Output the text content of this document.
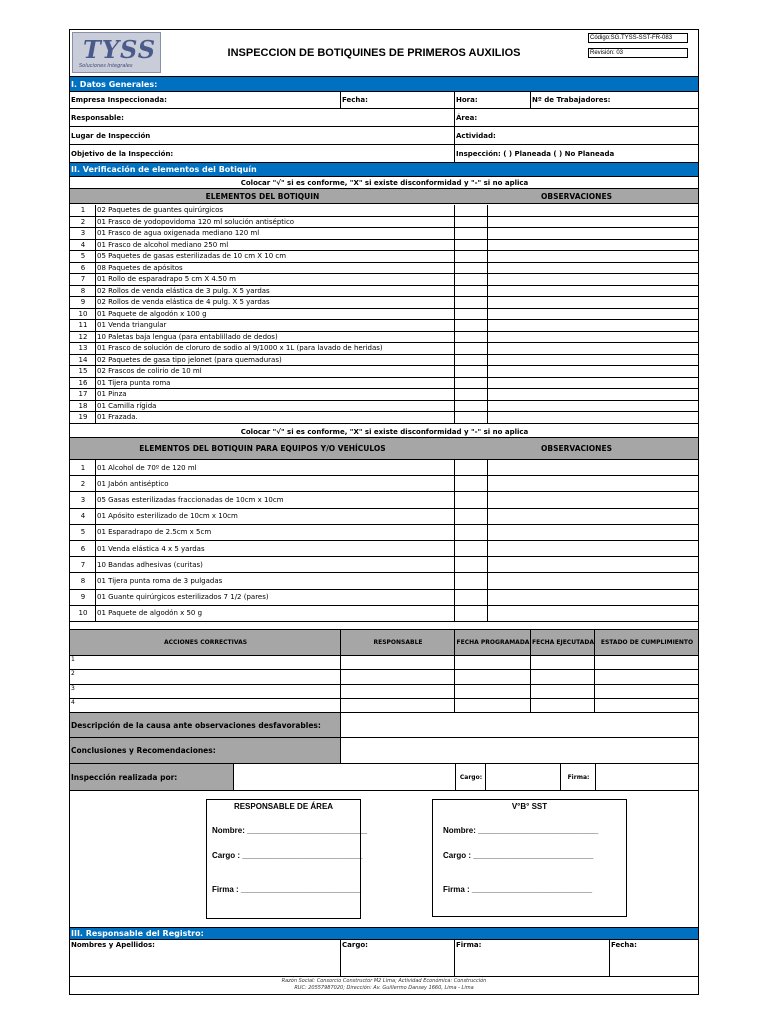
TYSS
Soluciones Integrales
INSPECCION DE BOTIQUINES DE PRIMEROS AUXILIOS
Código:SG.TYSS-SST-FR-083
Revisión: 03
I. Datos Generales:
Empresa Inspeccionada:	Fecha:	Hora:	Nº de Trabajadores:
Responsable:	Área:
Lugar de Inspección	Actividad:
Objetivo de la Inspección:	Inspección: ( ) Planeada ( ) No Planeada
II. Verificación de elementos del Botiquín
Colocar "√" si es conforme, "X" si existe disconformidad y "-" si no aplica
ELEMENTOS DEL BOTIQUIN	OBSERVACIONES
1	02 Paquetes de guantes quirúrgicos
2	01 Frasco de yodopovidoma 120 ml solución antiséptico
3	01 Frasco de agua oxigenada mediano 120 ml
4	01 Frasco de alcohol mediano 250 ml
5	05 Paquetes de gasas esterilizadas de 10 cm X 10 cm
6	08 Paquetes de apósitos
7	01 Rollo de esparadrapo 5 cm X 4.50 m
8	02 Rollos de venda elástica de 3 pulg. X 5 yardas
9	02 Rollos de venda elástica de 4 pulg. X 5 yardas
10	01 Paquete de algodón x 100 g
11	01 Venda triangular
12	10 Paletas baja lengua (para entablillado de dedos)
13	01 Frasco de solución de cloruro de sodio al 9/1000 x 1L (para lavado de heridas)
14	02 Paquetes de gasa tipo jelonet (para quemaduras)
15	02 Frascos de colirio de 10 ml
16	01 Tijera punta roma
17	01 Pinza
18	01 Camilla rígida
19	01 Frazada.
Colocar "√" si es conforme, "X" si existe disconformidad y "-" si no aplica
ELEMENTOS DEL BOTIQUIN PARA EQUIPOS Y/O VEHÍCULOS	OBSERVACIONES
1	01 Alcohol de 70º de 120 ml
2	01 Jabón antiséptico
3	05 Gasas esterilizadas fraccionadas de 10cm x 10cm
4	01 Apósito esterilizado de 10cm x 10cm
5	01 Esparadrapo de 2.5cm x 5cm
6	01 Venda elástica 4 x 5 yardas
7	10 Bandas adhesivas (curitas)
8	01 Tijera punta roma de 3 pulgadas
9	01 Guante quirúrgicos esterilizados 7 1/2 (pares)
10	01 Paquete de algodón x 50 g
ACCIONES CORRECTIVAS	RESPONSABLE	FECHA PROGRAMADA FECHA EJECUTADA	ESTADO DE CUMPLIMIENTO
1
2
3
4
Descripción de la causa ante observaciones desfavorables:
Conclusiones y Recomendaciones:
Inspección realizada por:	Cargo:	Firma:
RESPONSABLE DE ÁREA
Nombre: ___________________________
Cargo : ___________________________
Firma : ___________________________
V°B° SST
Nombre: ___________________________
Cargo : ___________________________
Firma : ___________________________
III. Responsable del Registro:
Nombres y Apellidos:	Cargo:	Firma:	Fecha:
Razón Social: Consorcio Constructor M2 Lima; Actividad Económica: Construcción
RUC: 20557987020; Dirección: Av. Guillermo Dansey 1660, Lima - Lima
